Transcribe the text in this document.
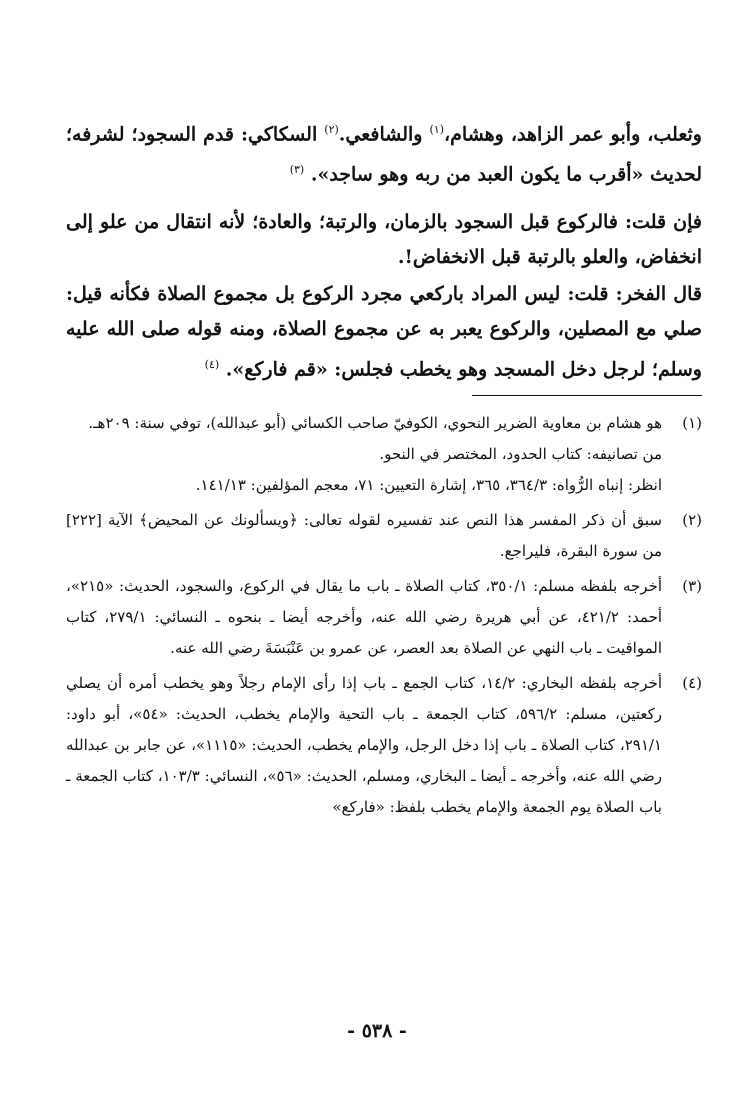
وثعلب، وأبو عمر الزاهد، وهشام،$^{(١)}$ والشافعي.$^{(٢)}$ السكاكي: قدم السجود؛ لشرفه؛ لحديث «أقرب ما يكون العبد من ربه وهو ساجد». $^{(٣)}$

فإن قلت: فالركوع قبل السجود بالزمان، والرتبة؛ والعادة؛ لأنه انتقال من علو إلى انخفاض، والعلو بالرتبة قبل الانخفاض!.

قال الفخر: قلت: ليس المراد باركعي مجرد الركوع بل مجموع الصلاة فكأنه قيل: صلي مع المصلين، والركوع يعبر به عن مجموع الصلاة، ومنه قوله صلى الله عليه وسلم؛ لرجل دخل المسجد وهو يخطب فجلس: «قم فاركع». $^{(٤)}$

(١)
هو هشام بن معاوية الضرير النحوي، الكوفيّ صاحب الكسائي (أبو عبدالله)، توفي سنة: ٢٠٩هـ.
من تصانيفه: كتاب الحدود، المختصر في النحو.
انظر: إنباه الرُّواه: ٣٦٤/٣، ٣٦٥، إشارة التعيين: ٧١، معجم المؤلفين: ١٤١/١٣.
(٢)
سبق أن ذكر المفسر هذا النص عند تفسيره لقوله تعالى: ﴿ويسألونك عن المحيض﴾ الآية [٢٢٢] من سورة البقرة، فليراجع.
(٣)
أخرجه بلفظه مسلم: ٣٥٠/١، كتاب الصلاة ـ باب ما يقال في الركوع، والسجود، الحديث: «٢١٥»، أحمد: ٤٢١/٢، عن أبي هريرة رضي الله عنه، وأخرجه أيضا ـ بنحوه ـ النسائي: ٢٧٩/١، كتاب المواقيت ـ باب النهي عن الصلاة بعد العصر، عن عمرو بن عَنْبَسَةَ رضي الله عنه.
(٤)
أخرجه بلفظه البخاري: ١٤/٢، كتاب الجمع ـ باب إذا رأى الإمام رجلاً وهو يخطب أمره أن يصلي ركعتين، مسلم: ٥٩٦/٢، كتاب الجمعة ـ باب التحية والإمام يخطب، الحديث: «٥٤»، أبو داود: ٢٩١/١، كتاب الصلاة ـ باب إذا دخل الرجل، والإمام يخطب، الحديث: «١١١٥»، عن جابر بن عبدالله رضي الله عنه، وأخرجه ـ أيضا ـ البخاري، ومسلم، الحديث: «٥٦»، النسائي: ١٠٣/٣، كتاب الجمعة ـ باب الصلاة يوم الجمعة والإمام يخطب بلفظ: «فاركع»
- ٥٣٨ -
